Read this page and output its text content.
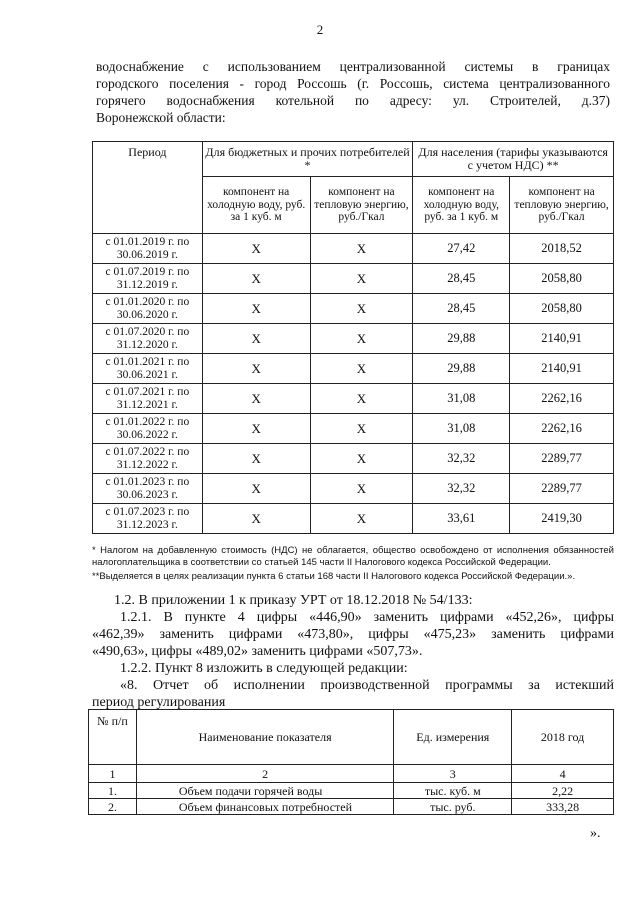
2
водоснабжение с использованием централизованной системы в границах
городского поселения - город Россошь (г. Россошь, система централизованного
горячего водоснабжения котельной по адресу: ул. Строителей, д.37)
Воронежской области:
Период	Для бюджетных и прочих потребителей *		Для населения (тарифы указываются с учетом НДС) **	
	компонент на холодную воду, руб. за 1 куб. м	компонент на тепловую энергию, руб./Гкал	компонент на холодную воду, руб. за 1 куб. м	компонент на тепловую энергию, руб./Гкал
с 01.01.2019 г. по 30.06.2019 г.	Х	Х	27,42	2018,52
с 01.07.2019 г. по 31.12.2019 г.	Х	Х	28,45	2058,80
с 01.01.2020 г. по 30.06.2020 г.	Х	Х	28,45	2058,80
с 01.07.2020 г. по 31.12.2020 г.	Х	Х	29,88	2140,91
с 01.01.2021 г. по 30.06.2021 г.	Х	Х	29,88	2140,91
с 01.07.2021 г. по 31.12.2021 г.	Х	Х	31,08	2262,16
с 01.01.2022 г. по 30.06.2022 г.	Х	Х	31,08	2262,16
с 01.07.2022 г. по 31.12.2022 г.	Х	Х	32,32	2289,77
с 01.01.2023 г. по 30.06.2023 г.	Х	Х	32,32	2289,77
с 01.07.2023 г. по 31.12.2023 г.	Х	Х	33,61	2419,30

* Налогом на добавленную стоимость (НДС) не облагается, общество освобождено от исполнения обязанностей налогоплательщика в соответствии со статьей 145 части II Налогового кодекса Российской Федерации.

**Выделяется в целях реализации пункта 6 статьи 168 части II Налогового кодекса Российской Федерации.».

1.2. В приложении 1 к приказу УРТ от 18.12.2018 № 54/133:

1.2.1. В пункте 4 цифры «446,90» заменить цифрами «452,26», цифры
«462,39» заменить цифрами «473,80», цифры «475,23» заменить цифрами
«490,63», цифры «489,02» заменить цифрами «507,73».

1.2.2. Пункт 8 изложить в следующей редакции:

«8. Отчет об исполнении производственной программы за истекший
период регулирования

№ п/п	Наименование показателя	Ед. измерения	2018 год
1	2	3	4
1.	Объем подачи горячей воды	тыс. куб. м	2,22
2.	Объем финансовых потребностей	тыс. руб.	333,28
».
